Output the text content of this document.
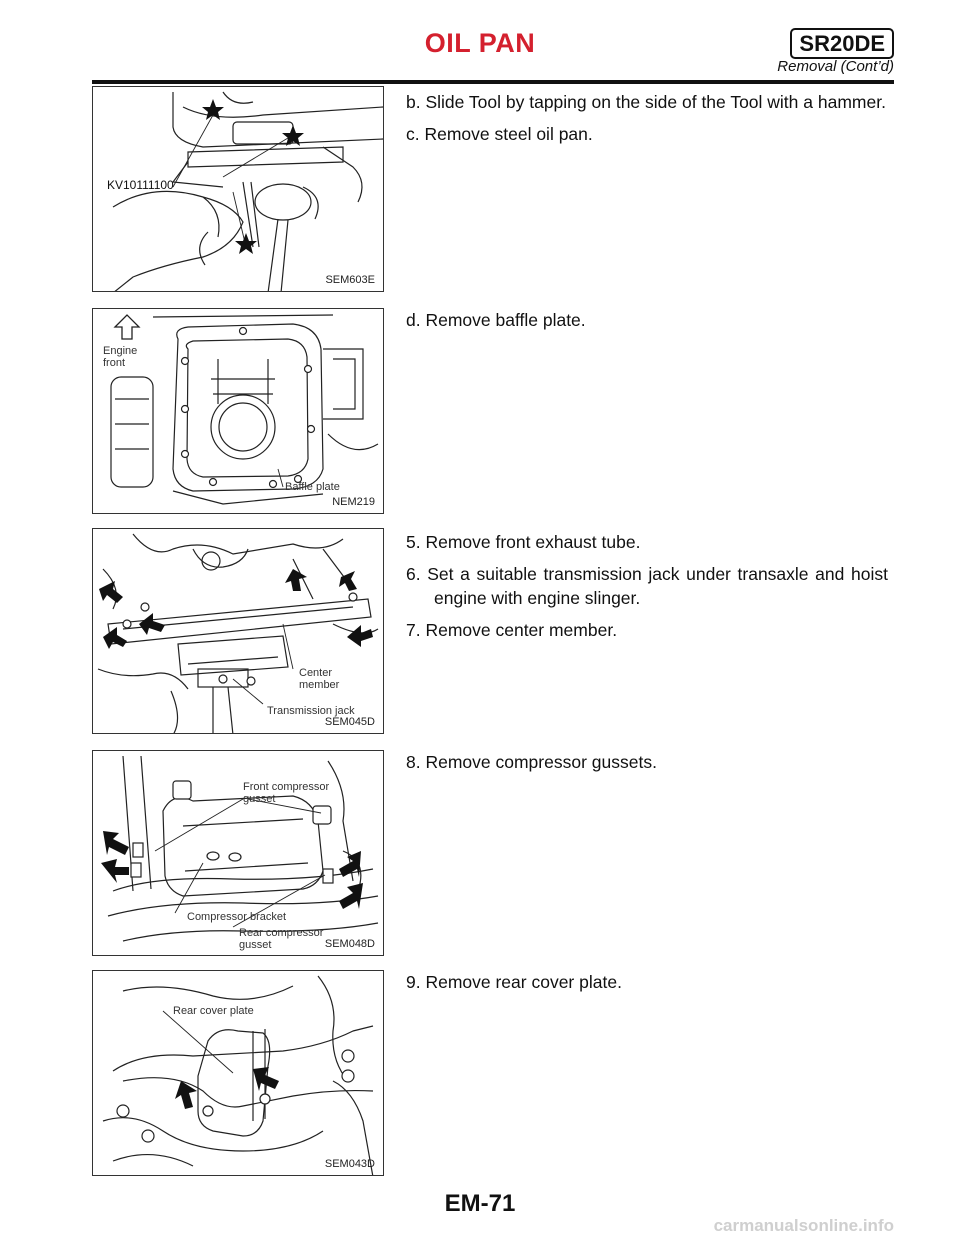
OIL PAN	SR20DE
Removal (Cont’d)
KV10111100
SEM603E
Engine
front
Baffle plate
NEM219
Center
member
Transmission jack
SEM045D
Front compressor
gusset
Compressor bracket
Rear compressor
gusset	SEM048D
Rear cover plate
SEM043D

b. Slide Tool by tapping on the side of the Tool with a hammer.

c. Remove steel oil pan.

d. Remove baffle plate.

5. Remove front exhaust tube.

6. Set a suitable transmission jack under transaxle and hoist engine with engine slinger.

7. Remove center member.

8. Remove compressor gussets.

9. Remove rear cover plate.

EM-71
carmanualsonline.info
